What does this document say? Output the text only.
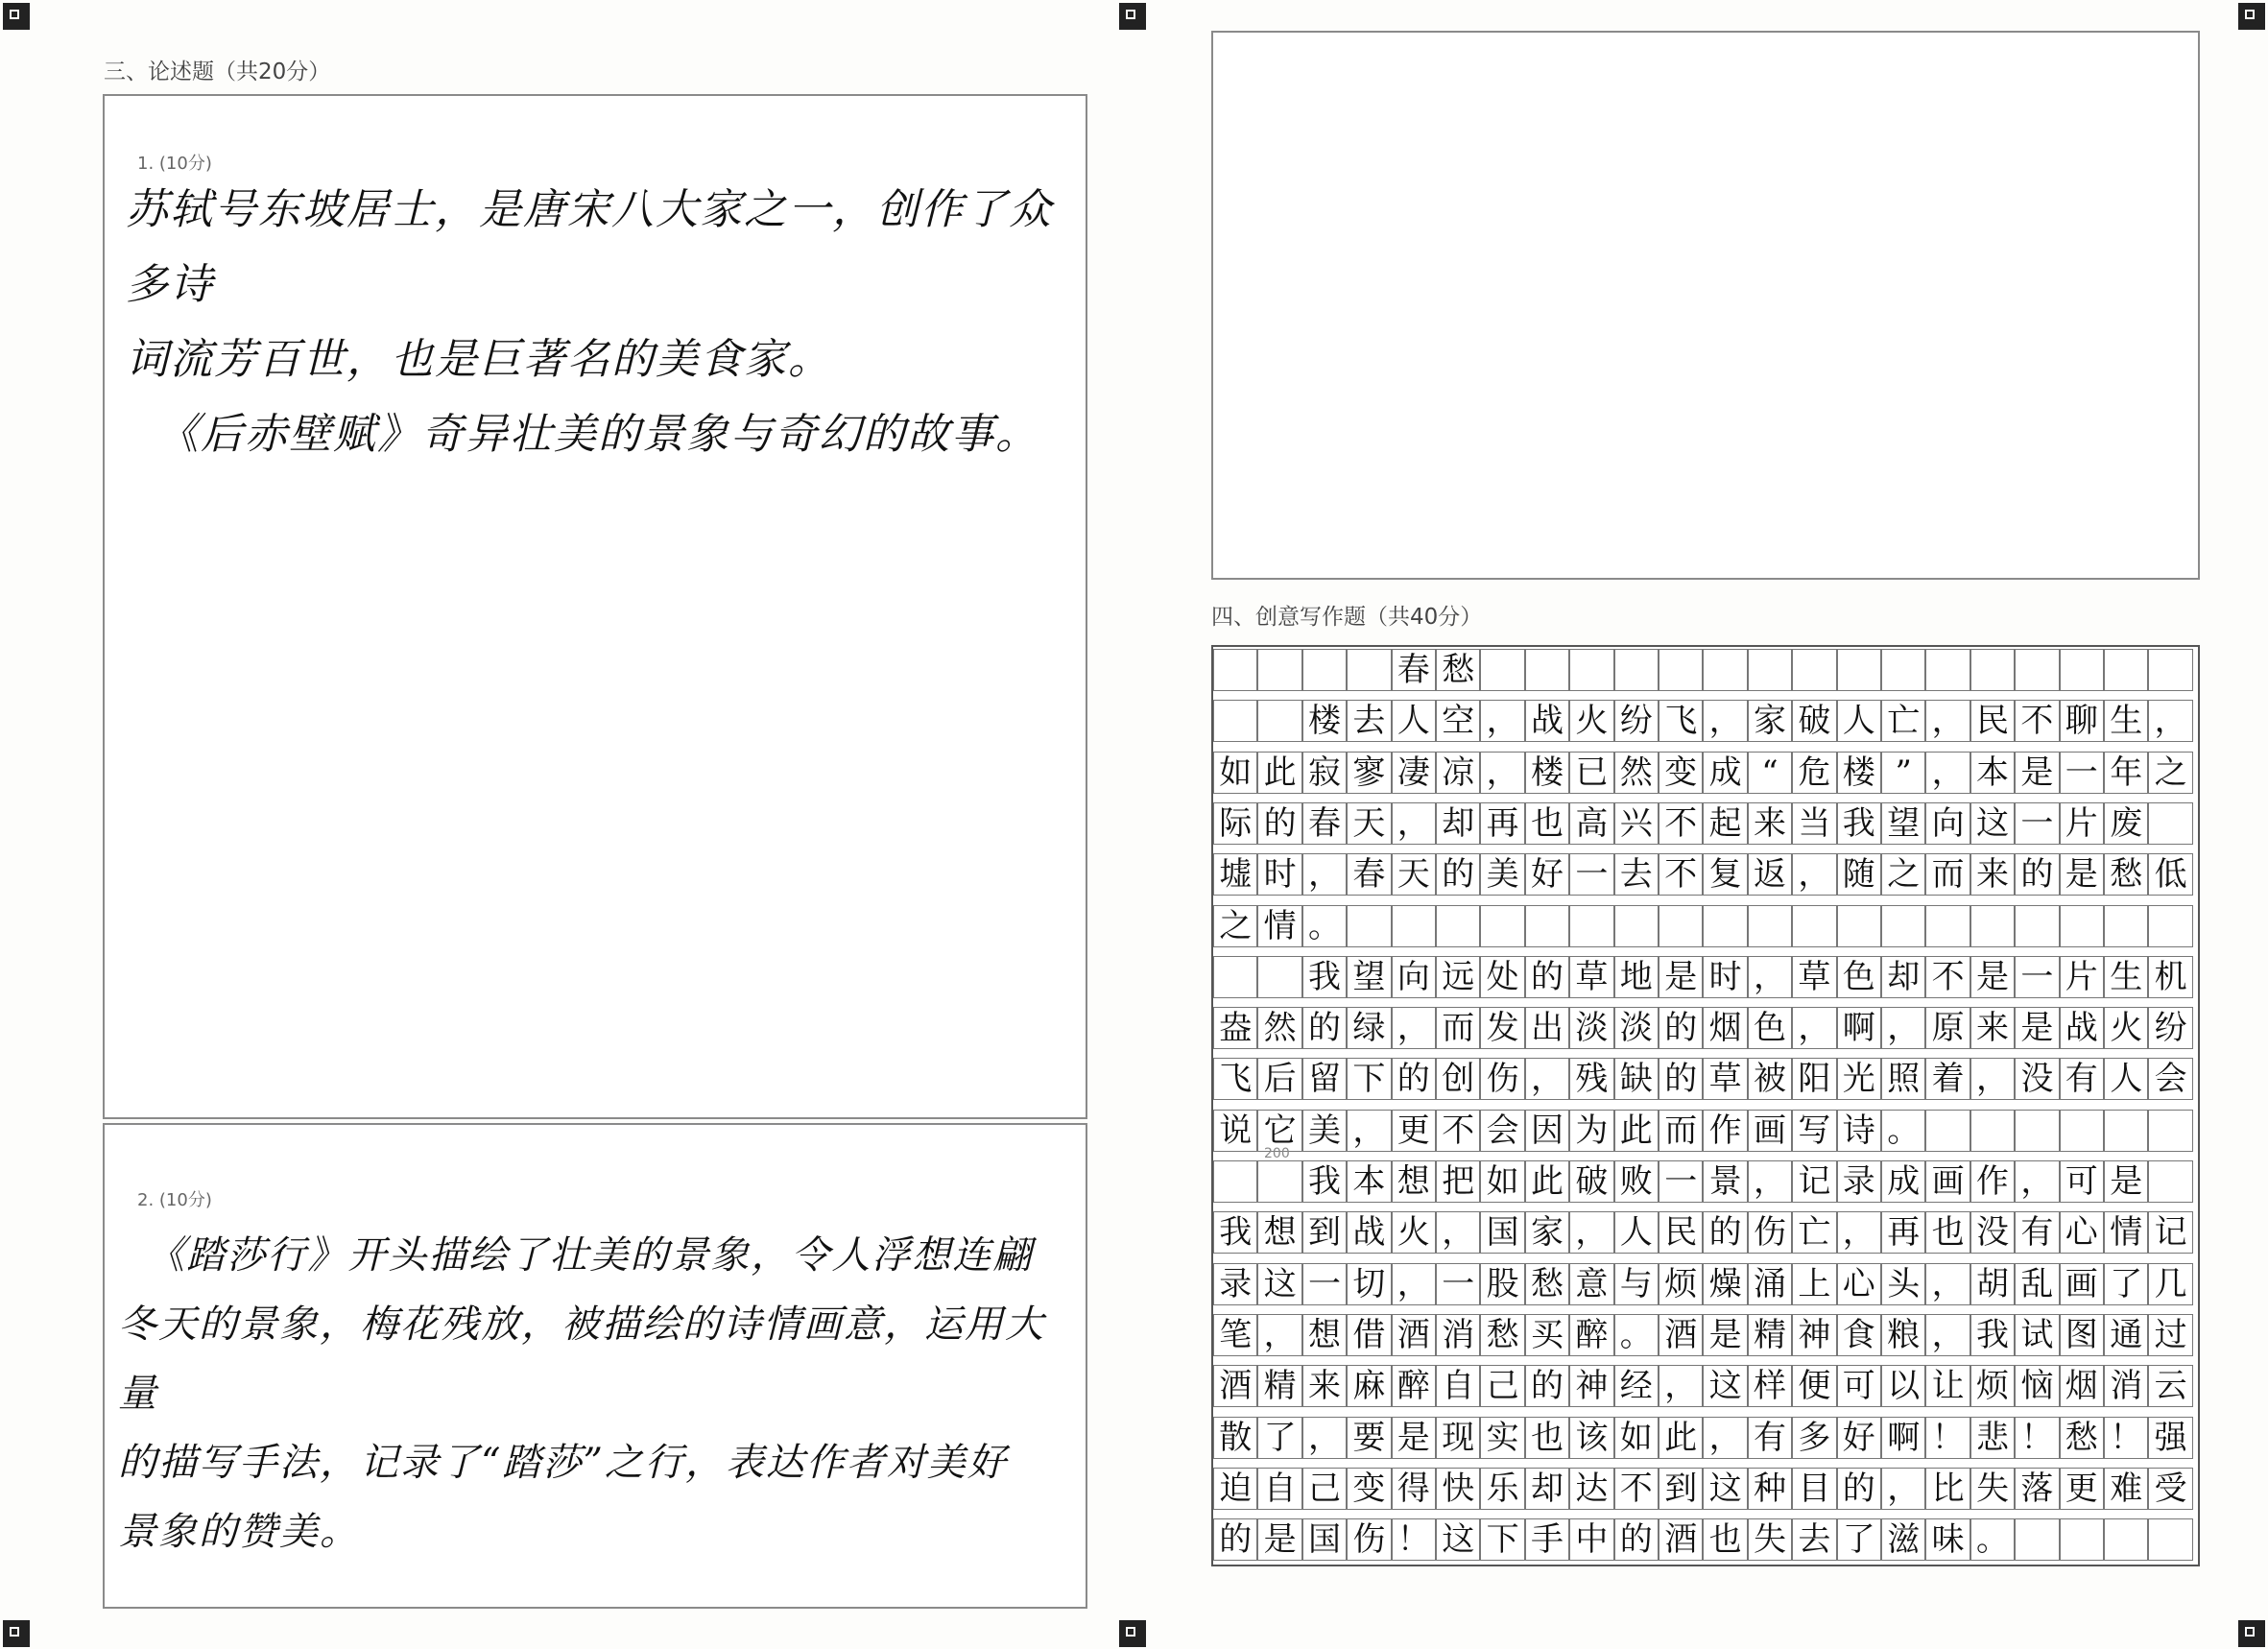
三、论述题（共20分）
1. (10分)
苏轼号东坡居士，是唐宋八大家之一，创作了众多诗
词流芳百世，也是巨著名的美食家。
《后赤壁赋》奇异壮美的景象与奇幻的故事。
2. (10分)
《踏莎行》开头描绘了壮美的景象，令人浮想连翩
冬天的景象，梅花残放，被描绘的诗情画意，运用大量
的描写手法，记录了“踏莎”之行，表达作者对美好
景象的赞美。
四、创意写作题（共40分）
春 愁
楼 去 人 空 ， 战 火 纷 飞 ， 家 破 人 亡 ， 民 不 聊 生 ，
如 此 寂 寥 凄 凉 ， 楼 已 然 变 成 “ 危 楼 ” ， 本 是 一 年 之
际 的 春 天 ， 却 再 也 高 兴 不 起 来 当 我 望 向 这 一 片 废
墟 时 ， 春 天 的 美 好 一 去 不 复 返 ， 随 之 而 来 的 是 愁 低
之 情 。
我 望 向 远 处 的 草 地 是 时 ， 草 色 却 不 是 一 片 生 机
盎 然 的 绿 ， 而 发 出 淡 淡 的 烟 色 ， 啊 ， 原 来 是 战 火 纷
飞 后 留 下 的 创 伤 ， 残 缺 的 草 被 阳 光 照 着 ， 没 有 人 会
说 它 美 ， 更 不 会 因 为 此 而 作 画 写 诗 。
我 本 想 把 如 此 破 败 一 景 ， 记 录 成 画 作 ， 可 是
我 想 到 战 火 ， 国 家 ， 人 民 的 伤 亡 ， 再 也 没 有 心 情 记
录 这 一 切 ， 一 股 愁 意 与 烦 燥 涌 上 心 头 ， 胡 乱 画 了 几
笔 ， 想 借 酒 消 愁 买 醉 。 酒 是 精 神 食 粮 ， 我 试 图 通 过
酒 精 来 麻 醉 自 己 的 神 经 ， 这 样 便 可 以 让 烦 恼 烟 消 云
散 了 ， 要 是 现 实 也 该 如 此 ， 有 多 好 啊 ！ 悲 ！ 愁 ！ 强
迫 自 己 变 得 快 乐 却 达 不 到 这 种 目 的 ， 比 失 落 更 难 受
的 是 国 伤 ！ 这 下 手 中 的 酒 也 失 去 了 滋 味 。
200
